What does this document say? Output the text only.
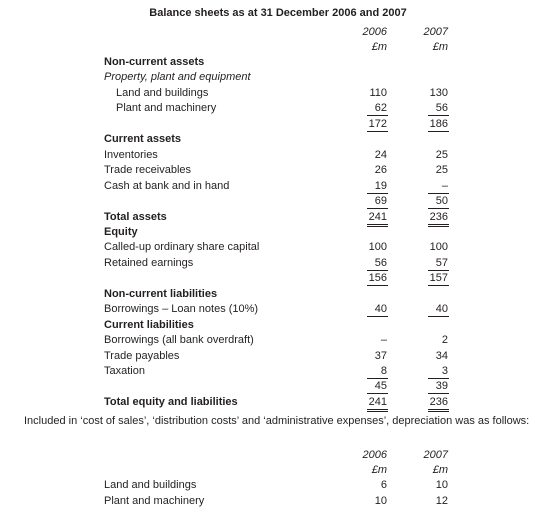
Balance sheets as at 31 December 2006 and 2007
2006	2007
£m	£m
Non-current assets
Property, plant and equipment
Land and buildings	110	130
Plant and machinery	62	56
172	186
Current assets
Inventories	24	25
Trade receivables	26	25
Cash at bank and in hand	19	–
69	50
Total assets	241	236
Equity
Called-up ordinary share capital	100	100
Retained earnings	56	57
156	157
Non-current liabilities
Borrowings – Loan notes (10%)	40	40
Current liabilities
Borrowings (all bank overdraft)	–	2
Trade payables	37	34
Taxation	8	3
45	39
Total equity and liabilities	241	236
Included in ‘cost of sales’, ‘distribution costs’ and ‘administrative expenses’, depreciation was as follows:
2006	2007
£m	£m
Land and buildings	6	10
Plant and machinery	10	12
